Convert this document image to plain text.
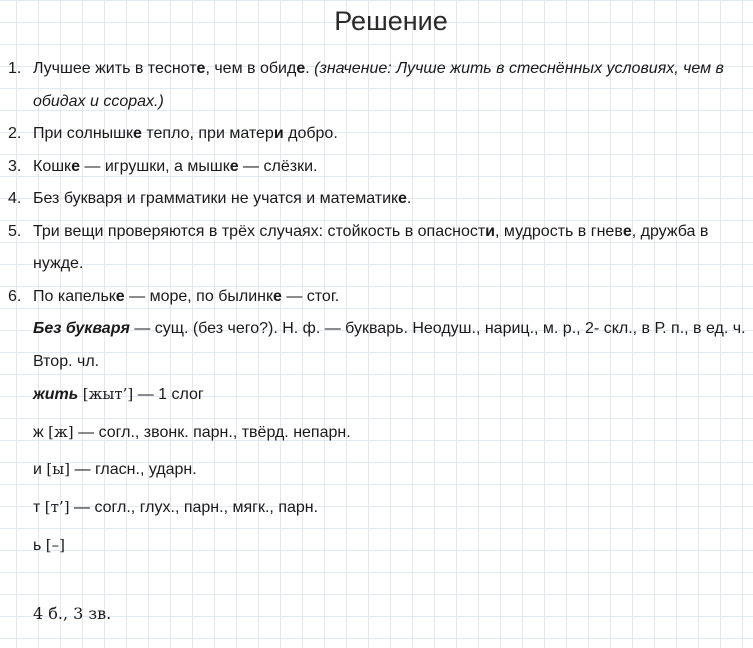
Решение
1. Лучшее жить в тесноте, чем в обиде. (значение: Лучше жить в стеснённых условиях, чем в обидах и ссорах.)
2. При солнышке тепло, при матери добро.
3. Кошке — игрушки, а мышке — слёзки.
4. Без букваря и грамматики не учатся и математике.
5. Три вещи проверяются в трёх случаях: стойкость в опасности, мудрость в гневе, дружба в нужде.
6. По капельке — море, по былинке — стог.
Без букваря — сущ. (без чего?). Н. ф. — букварь. Неодуш., нариц., м. р., 2- скл., в Р. п., в ед. ч. Втор. чл.
жить [жыт’] — 1 слог
ж [ж] — согл., звонк. парн., твёрд. непарн.
и [ы] — гласн., ударн.
т [т’] — согл., глух., парн., мягк., парн.
ь [–]
4 б., 3 зв.
